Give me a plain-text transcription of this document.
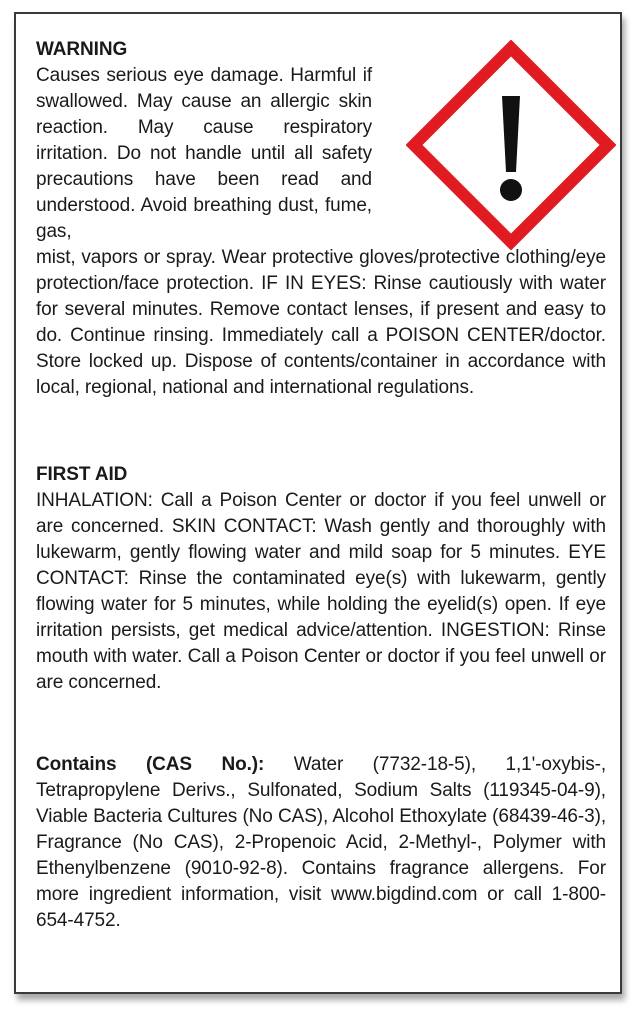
WARNING
Causes serious eye damage. Harmful if swallowed. May cause an allergic skin reaction. May cause respiratory irritation. Do not handle until all safety precautions have been read and understood. Avoid breathing dust, fume, gas,
mist, vapors or spray. Wear protective gloves/protective clothing/eye protection/face protection. IF IN EYES: Rinse cautiously with water for several minutes. Remove contact lenses, if present and easy to do. Continue rinsing. Immediately call a POISON CENTER/doctor. Store locked up. Dispose of contents/container in accordance with local, regional, national and international regulations.
FIRST AID
INHALATION: Call a Poison Center or doctor if you feel unwell or are concerned. SKIN CONTACT: Wash gently and thoroughly with lukewarm, gently flowing water and mild soap for 5 minutes. EYE CONTACT: Rinse the contaminated eye(s) with lukewarm, gently flowing water for 5 minutes, while holding the eyelid(s) open. If eye irritation persists, get medical advice/attention. INGESTION: Rinse mouth with water. Call a Poison Center or doctor if you feel unwell or are concerned.
Contains (CAS No.): Water (7732-18-5), 1,1'-oxybis-, Tetrapropylene Derivs., Sulfonated, Sodium Salts (119345-04-9), Viable Bacteria Cultures (No CAS), Alcohol Ethoxylate (68439-46-3), Fragrance (No CAS), 2-Propenoic Acid, 2-Methyl-, Polymer with Ethenylbenzene (9010-92-8). Contains fragrance allergens. For more ingredient information, visit www.bigdind.com or call 1-800-654-4752.
